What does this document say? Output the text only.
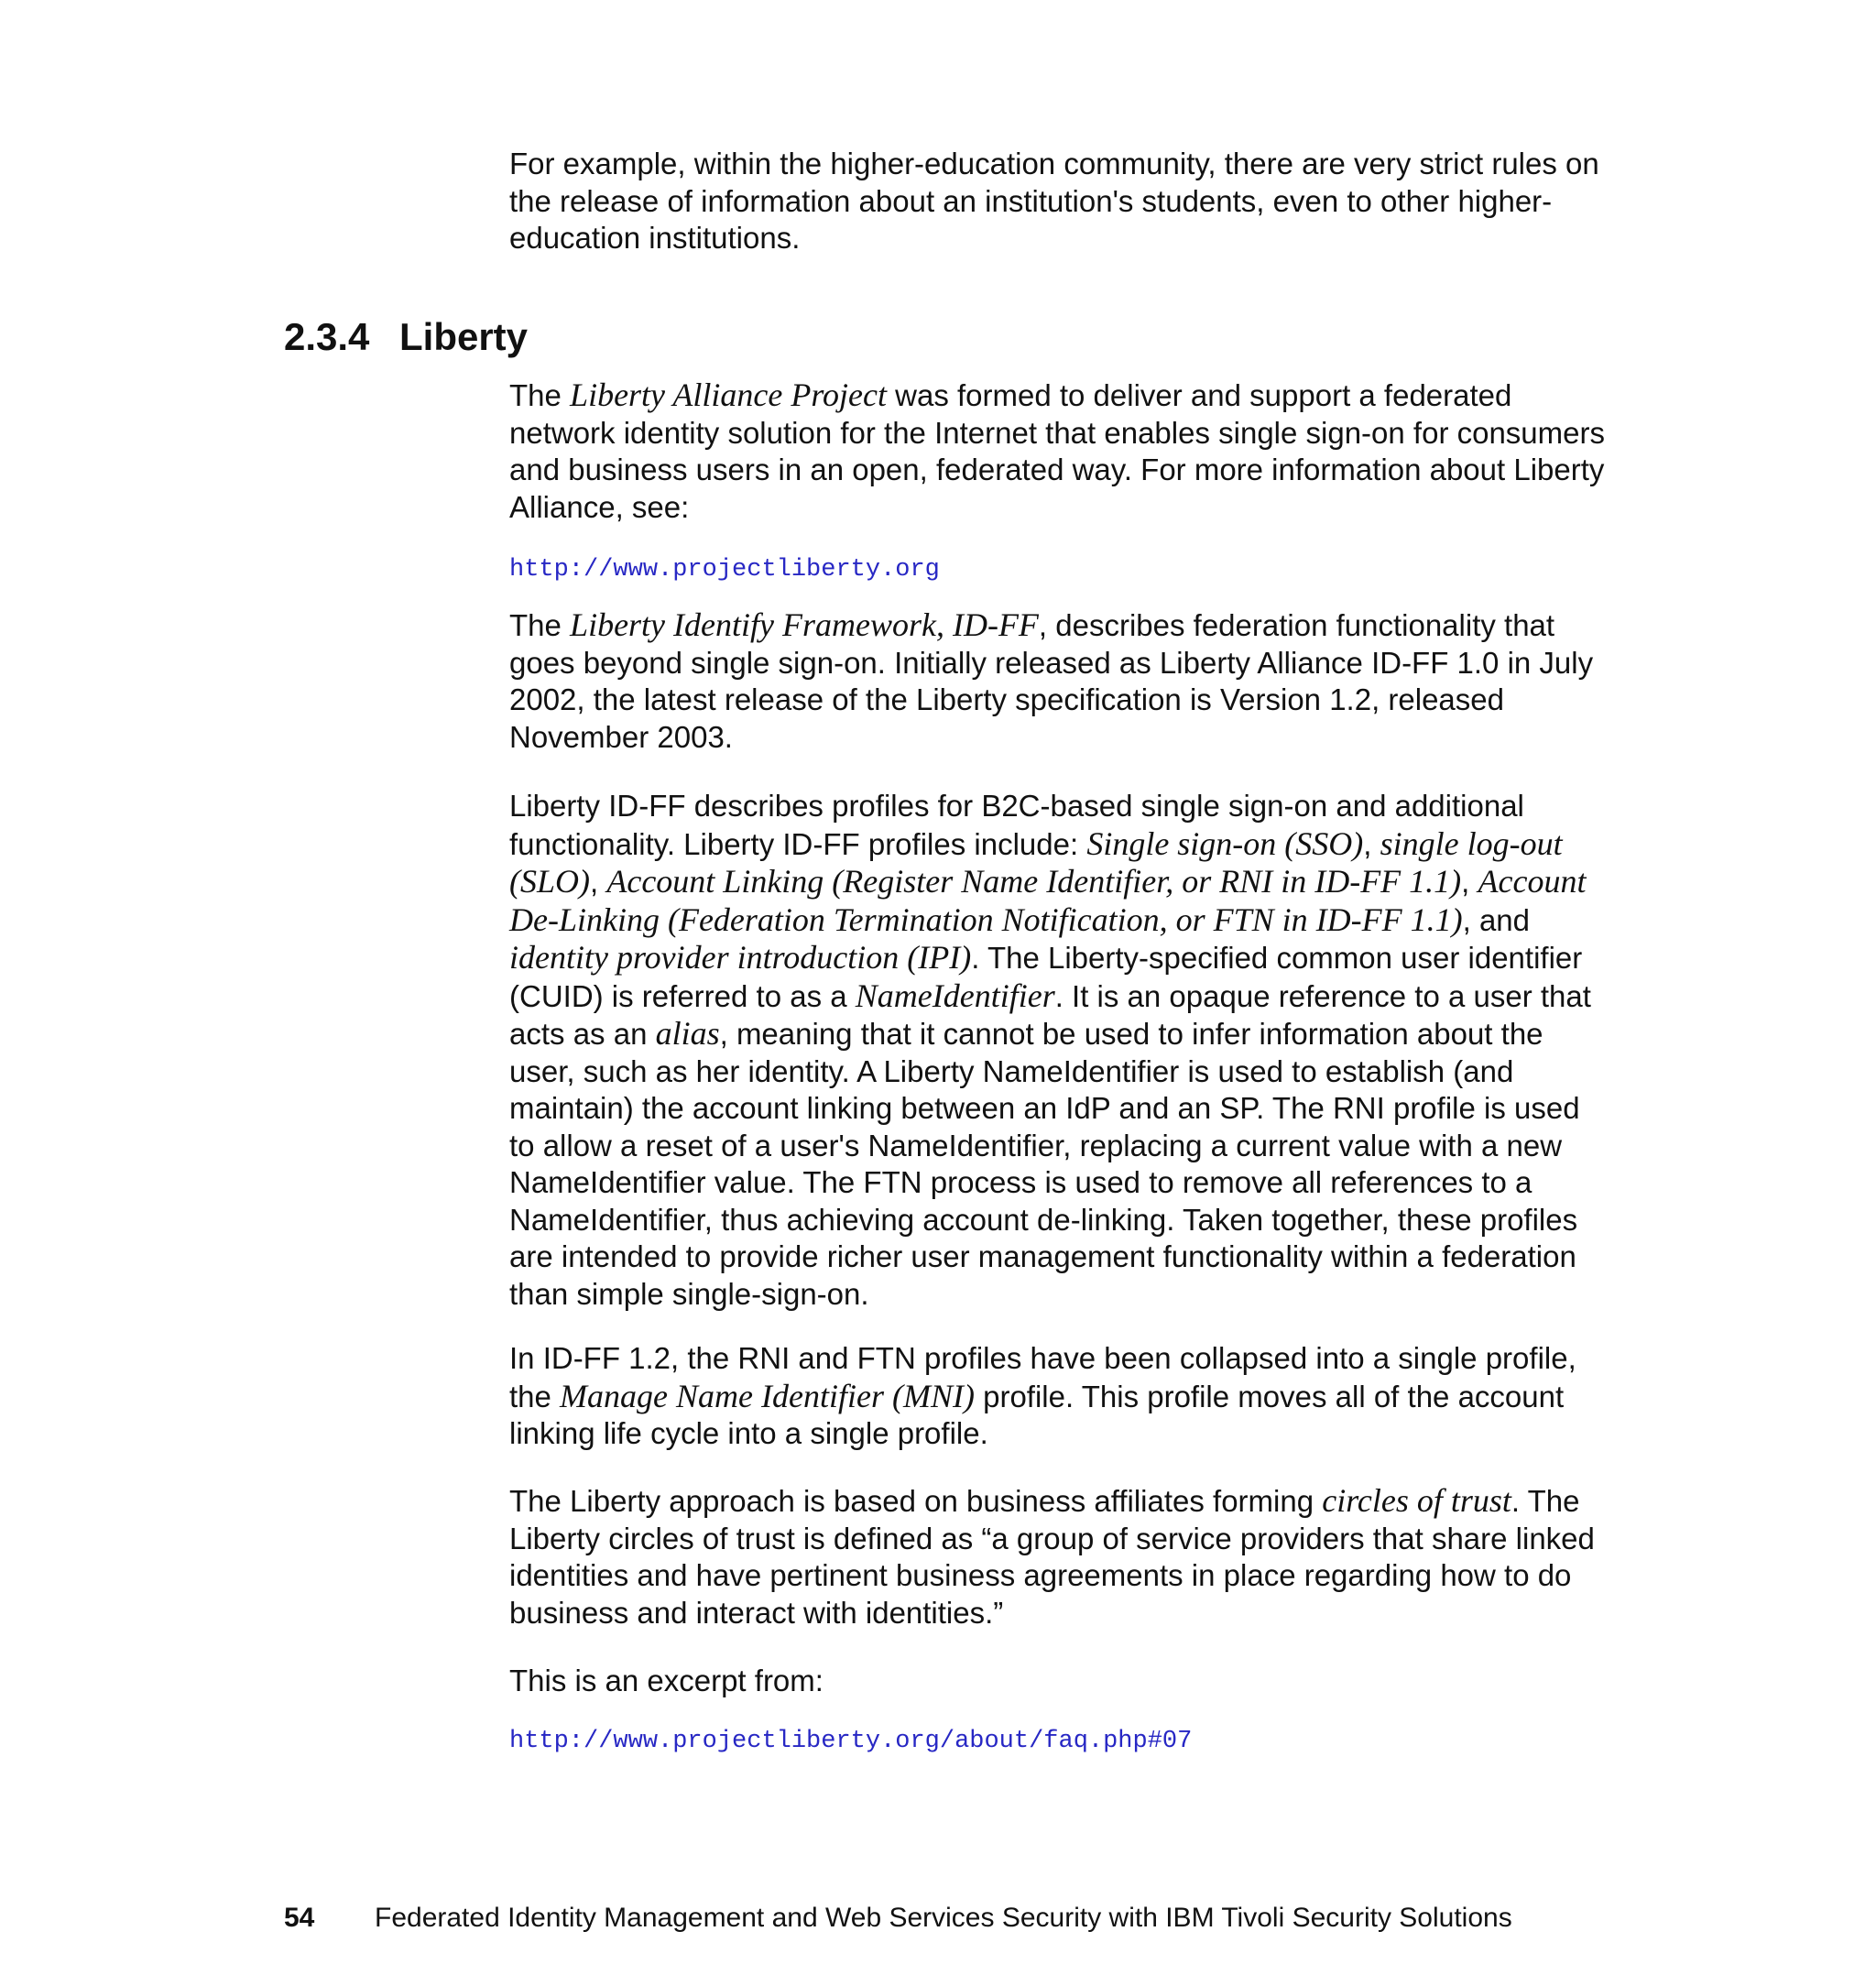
For example, within the higher-education community, there are very strict rules on the release of information about an institution's students, even to other higher-education institutions.

2.3.4 Liberty

The Liberty Alliance Project was formed to deliver and support a federated network identity solution for the Internet that enables single sign-on for consumers and business users in an open, federated way. For more information about Liberty Alliance, see:

http://www.projectliberty.org

The Liberty Identify Framework, ID-FF, describes federation functionality that goes beyond single sign-on. Initially released as Liberty Alliance ID-FF 1.0 in July 2002, the latest release of the Liberty specification is Version 1.2, released November 2003.

Liberty ID-FF describes profiles for B2C-based single sign-on and additional functionality. Liberty ID-FF profiles include: Single sign-on (SSO), single log-out (SLO), Account Linking (Register Name Identifier, or RNI in ID-FF 1.1), Account De-Linking (Federation Termination Notification, or FTN in ID-FF 1.1), and identity provider introduction (IPI). The Liberty-specified common user identifier (CUID) is referred to as a NameIdentifier. It is an opaque reference to a user that acts as an alias, meaning that it cannot be used to infer information about the user, such as her identity. A Liberty NameIdentifier is used to establish (and maintain) the account linking between an IdP and an SP. The RNI profile is used to allow a reset of a user's NameIdentifier, replacing a current value with a new NameIdentifier value. The FTN process is used to remove all references to a NameIdentifier, thus achieving account de-linking. Taken together, these profiles are intended to provide richer user management functionality within a federation than simple single-sign-on.

In ID-FF 1.2, the RNI and FTN profiles have been collapsed into a single profile, the Manage Name Identifier (MNI) profile. This profile moves all of the account linking life cycle into a single profile.

The Liberty approach is based on business affiliates forming circles of trust. The Liberty circles of trust is defined as “a group of service providers that share linked identities and have pertinent business agreements in place regarding how to do business and interact with identities.”

This is an excerpt from:

http://www.projectliberty.org/about/faq.php#07
54 Federated Identity Management and Web Services Security with IBM Tivoli Security Solutions
